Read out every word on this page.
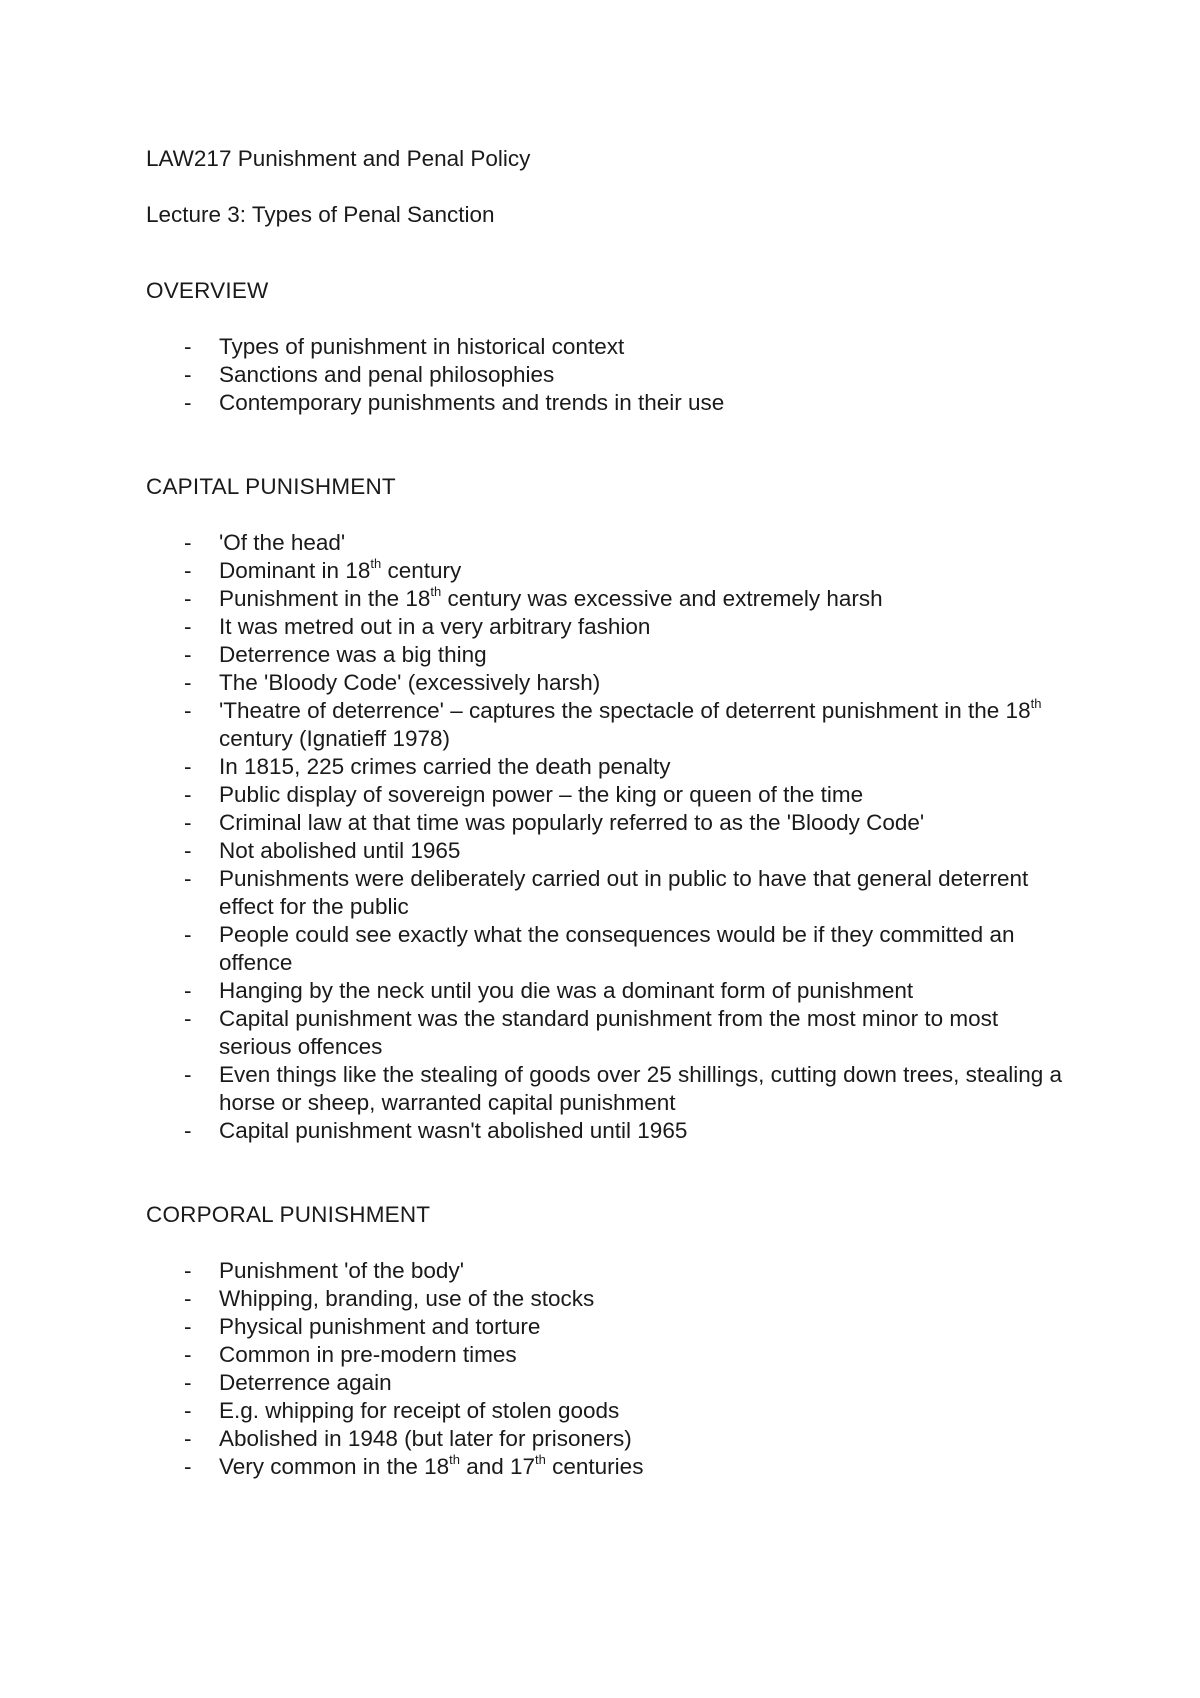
LAW217 Punishment and Penal Policy

Lecture 3: Types of Penal Sanction

OVERVIEW

- Types of punishment in historical context
- Sanctions and penal philosophies
- Contemporary punishments and trends in their use

CAPITAL PUNISHMENT

- 'Of the head'
- Dominant in 18th century
- Punishment in the 18th century was excessive and extremely harsh
- It was metred out in a very arbitrary fashion
- Deterrence was a big thing
- The 'Bloody Code' (excessively harsh)
- 'Theatre of deterrence' – captures the spectacle of deterrent punishment in the 18th century (Ignatieff 1978)
- In 1815, 225 crimes carried the death penalty
- Public display of sovereign power – the king or queen of the time
- Criminal law at that time was popularly referred to as the 'Bloody Code'
- Not abolished until 1965
- Punishments were deliberately carried out in public to have that general deterrent effect for the public
- People could see exactly what the consequences would be if they committed an offence
- Hanging by the neck until you die was a dominant form of punishment
- Capital punishment was the standard punishment from the most minor to most serious offences
- Even things like the stealing of goods over 25 shillings, cutting down trees, stealing a horse or sheep, warranted capital punishment
- Capital punishment wasn't abolished until 1965

CORPORAL PUNISHMENT

- Punishment 'of the body'
- Whipping, branding, use of the stocks
- Physical punishment and torture
- Common in pre-modern times
- Deterrence again
- E.g. whipping for receipt of stolen goods
- Abolished in 1948 (but later for prisoners)
- Very common in the 18th and 17th centuries
